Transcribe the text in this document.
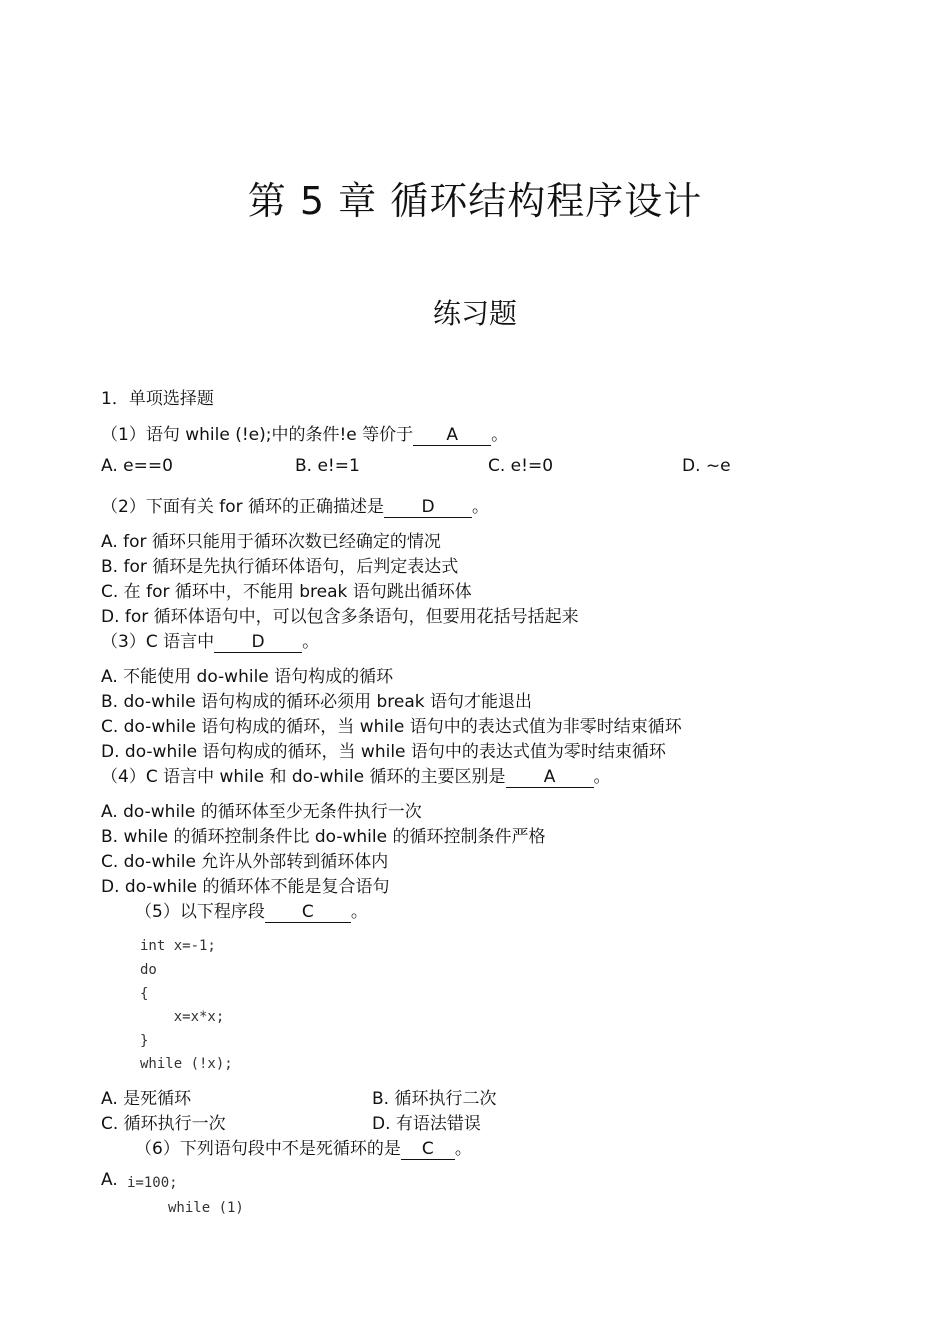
第 5 章 循环结构程序设计
练习题
1．单项选择题
（1）语句 while (!e);中的条件!e 等价于 A 。
A. e==0	B. e!=1	C. e!=0	D. ~e
（2）下面有关 for 循环的正确描述是 D 。
A. for 循环只能用于循环次数已经确定的情况
B. for 循环是先执行循环体语句，后判定表达式
C. 在 for 循环中，不能用 break 语句跳出循环体
D. for 循环体语句中，可以包含多条语句，但要用花括号括起来
（3）C 语言中 D 。
A. 不能使用 do-while 语句构成的循环
B. do-while 语句构成的循环必须用 break 语句才能退出
C. do-while 语句构成的循环，当 while 语句中的表达式值为非零时结束循环
D. do-while 语句构成的循环，当 while 语句中的表达式值为零时结束循环
（4）C 语言中 while 和 do-while 循环的主要区别是 A 。
A. do-while 的循环体至少无条件执行一次
B. while 的循环控制条件比 do-while 的循环控制条件严格
C. do-while 允许从外部转到循环体内
D. do-while 的循环体不能是复合语句
（5）以下程序段 C 。
int x=-1;
do
{
x=x*x;
}
while (!x);
A. 是死循环	B. 循环执行二次
C. 循环执行一次	D. 有语法错误
（6）下列语句段中不是死循环的是 C 。
A. i=100;
while (1)
